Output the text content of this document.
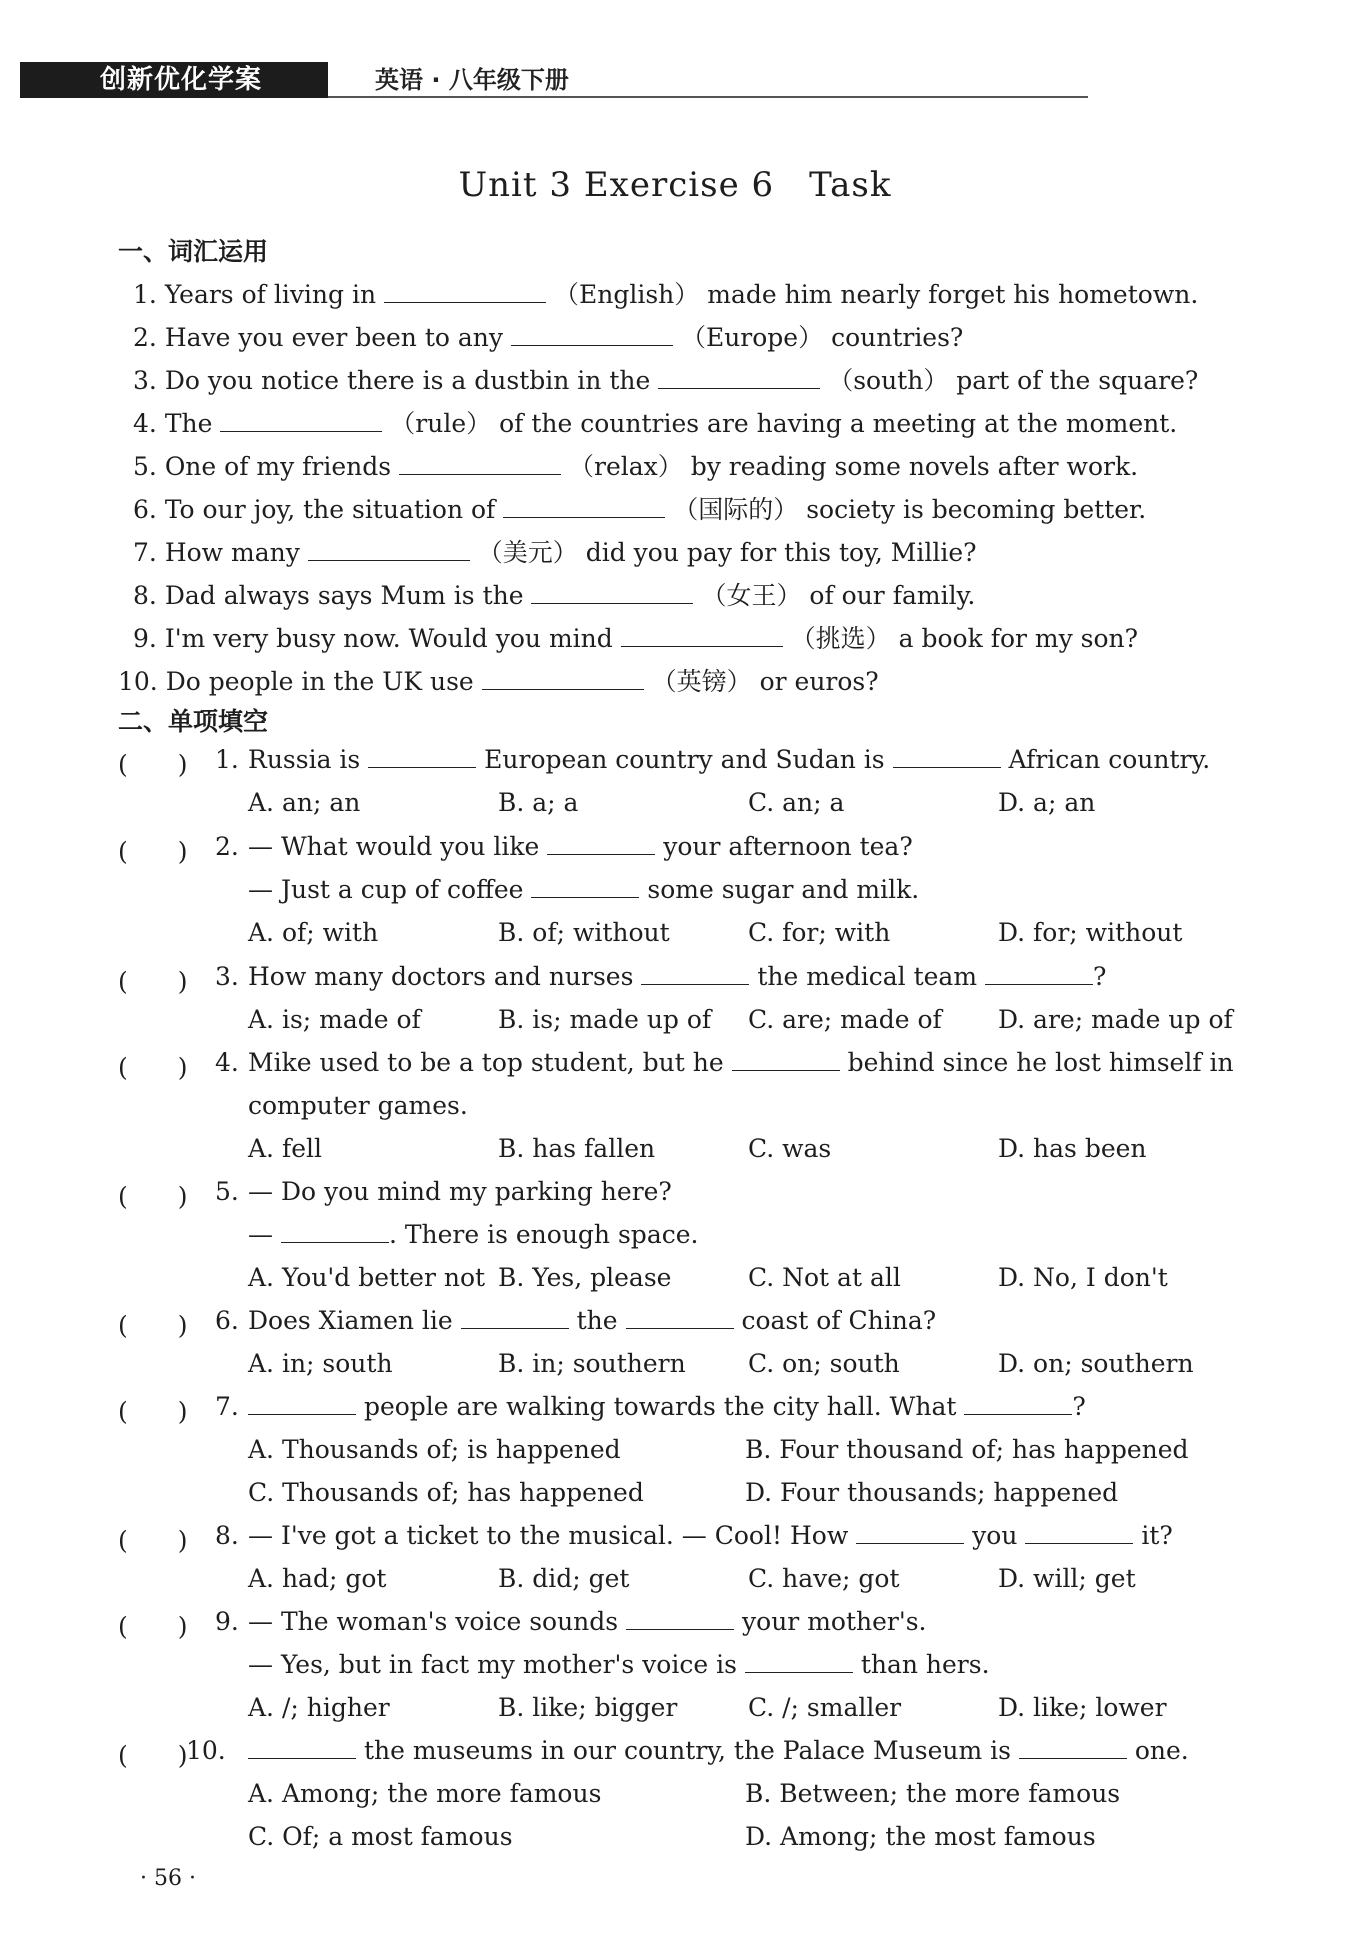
创新优化学案	英语 · 八年级下册
Unit 3 Exercise 6　Task
一、词汇运用
1. Years of living in	（English） made him nearly forget his hometown.
2. Have you ever been to any	（Europe） countries?
3. Do you notice there is a dustbin in the	（south） part of the square?
4. The	（rule） of the countries are having a meeting at the moment.
5. One of my friends	（relax） by reading some novels after work.
6. To our joy, the situation of	（国际的） society is becoming better.
7. How many	（美元） did you pay for this toy, Millie?
8. Dad always says Mum is the	（女王） of our family.
9. I'm very busy now. Would you mind	（挑选） a book for my son?
10. Do people in the UK use	（英镑） or euros?
二、单项填空
(　　) 1. Russia is	European country and Sudan is	African country.
A. an; an	B. a; a	C. an; a	D. a; an
(　　) 2. — What would you like	your afternoon tea?
— Just a cup of coffee	some sugar and milk.
A. of; with	B. of; without	C. for; with	D. for; without
(　　) 3. How many doctors and nurses	the medical team	?
A. is; made of	B. is; made up of C. are; made of D. are; made up of
(　　) 4. Mike used to be a top student, but he	behind since he lost himself in
computer games.
A. fell	B. has fallen	C. was	D. has been
(　　) 5. — Do you mind my parking here?
—	. There is enough space.
A. You'd better not B. Yes, please	C. Not at all	D. No, I don't
(　　) 6. Does Xiamen lie	the	coast of China?
A. in; south	B. in; southern C. on; south	D. on; southern
(　　) 7.	people are walking towards the city hall. What	?
A. Thousands of; is happened	B. Four thousand of; has happened
C. Thousands of; has happened	D. Four thousands; happened
(　　) 8. — I've got a ticket to the musical. — Cool! How	you	it?
A. had; got	B. did; get	C. have; got	D. will; get
(　　) 9. — The woman's voice sounds	your mother's.
— Yes, but in fact my mother's voice is	than hers.
A. /; higher	B. like; bigger	C. /; smaller	D. like; lower
(　　)
10.	the museums in our country, the Palace Museum is	one.
A. Among; the more famous	B. Between; the more famous
C. Of; a most famous	D. Among; the most famous
· 56 ·
